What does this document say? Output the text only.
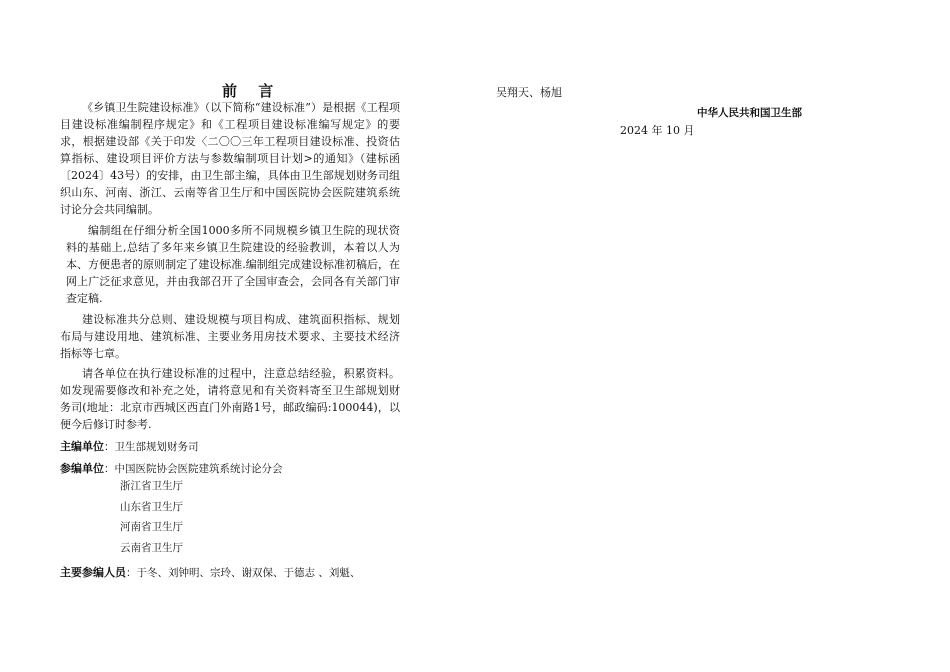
前 言

《乡镇卫生院建设标准》（以下简称“建设标准”）是根据《工程项目建设标准编制程序规定》和《工程项目建设标准编写规定》的要求，根据建设部《关于印发〈二〇〇三年工程项目建设标准、投资估算指标、建设项目评价方法与参数编制项目计划>的通知》（建标函〔2024〕43号）的安排，由卫生部主编，具体由卫生部规划财务司组织山东、河南、浙江、云南等省卫生厅和中国医院协会医院建筑系统讨论分会共同编制。

编制组在仔细分析全国1000多所不同规模乡镇卫生院的现状资料的基础上,总结了多年来乡镇卫生院建设的经验教训，本着以人为本、方便患者的原则制定了建设标准.编制组完成建设标准初稿后，在网上广泛征求意见，并由我部召开了全国审查会，会同各有关部门审查定稿.

建设标准共分总则、建设规模与项目构成、建筑面积指标、规划布局与建设用地、建筑标准、主要业务用房技术要求、主要技术经济指标等七章。

请各单位在执行建设标准的过程中，注意总结经验，积累资料。如发现需要修改和补充之处，请将意见和有关资料寄至卫生部规划财务司(地址：北京市西城区西直门外南路1号，邮政编码:100044)，以便今后修订时参考.

主编单位：卫生部规划财务司
参编单位：中国医院协会医院建筑系统讨论分会
浙江省卫生厅
山东省卫生厅
河南省卫生厅
云南省卫生厅
主要参编人员：于冬、刘钟明、宗玲、谢双保、于德志 、刘魁、
吴翔天、杨旭
中华人民共和国卫生部
2024 年 10 月
